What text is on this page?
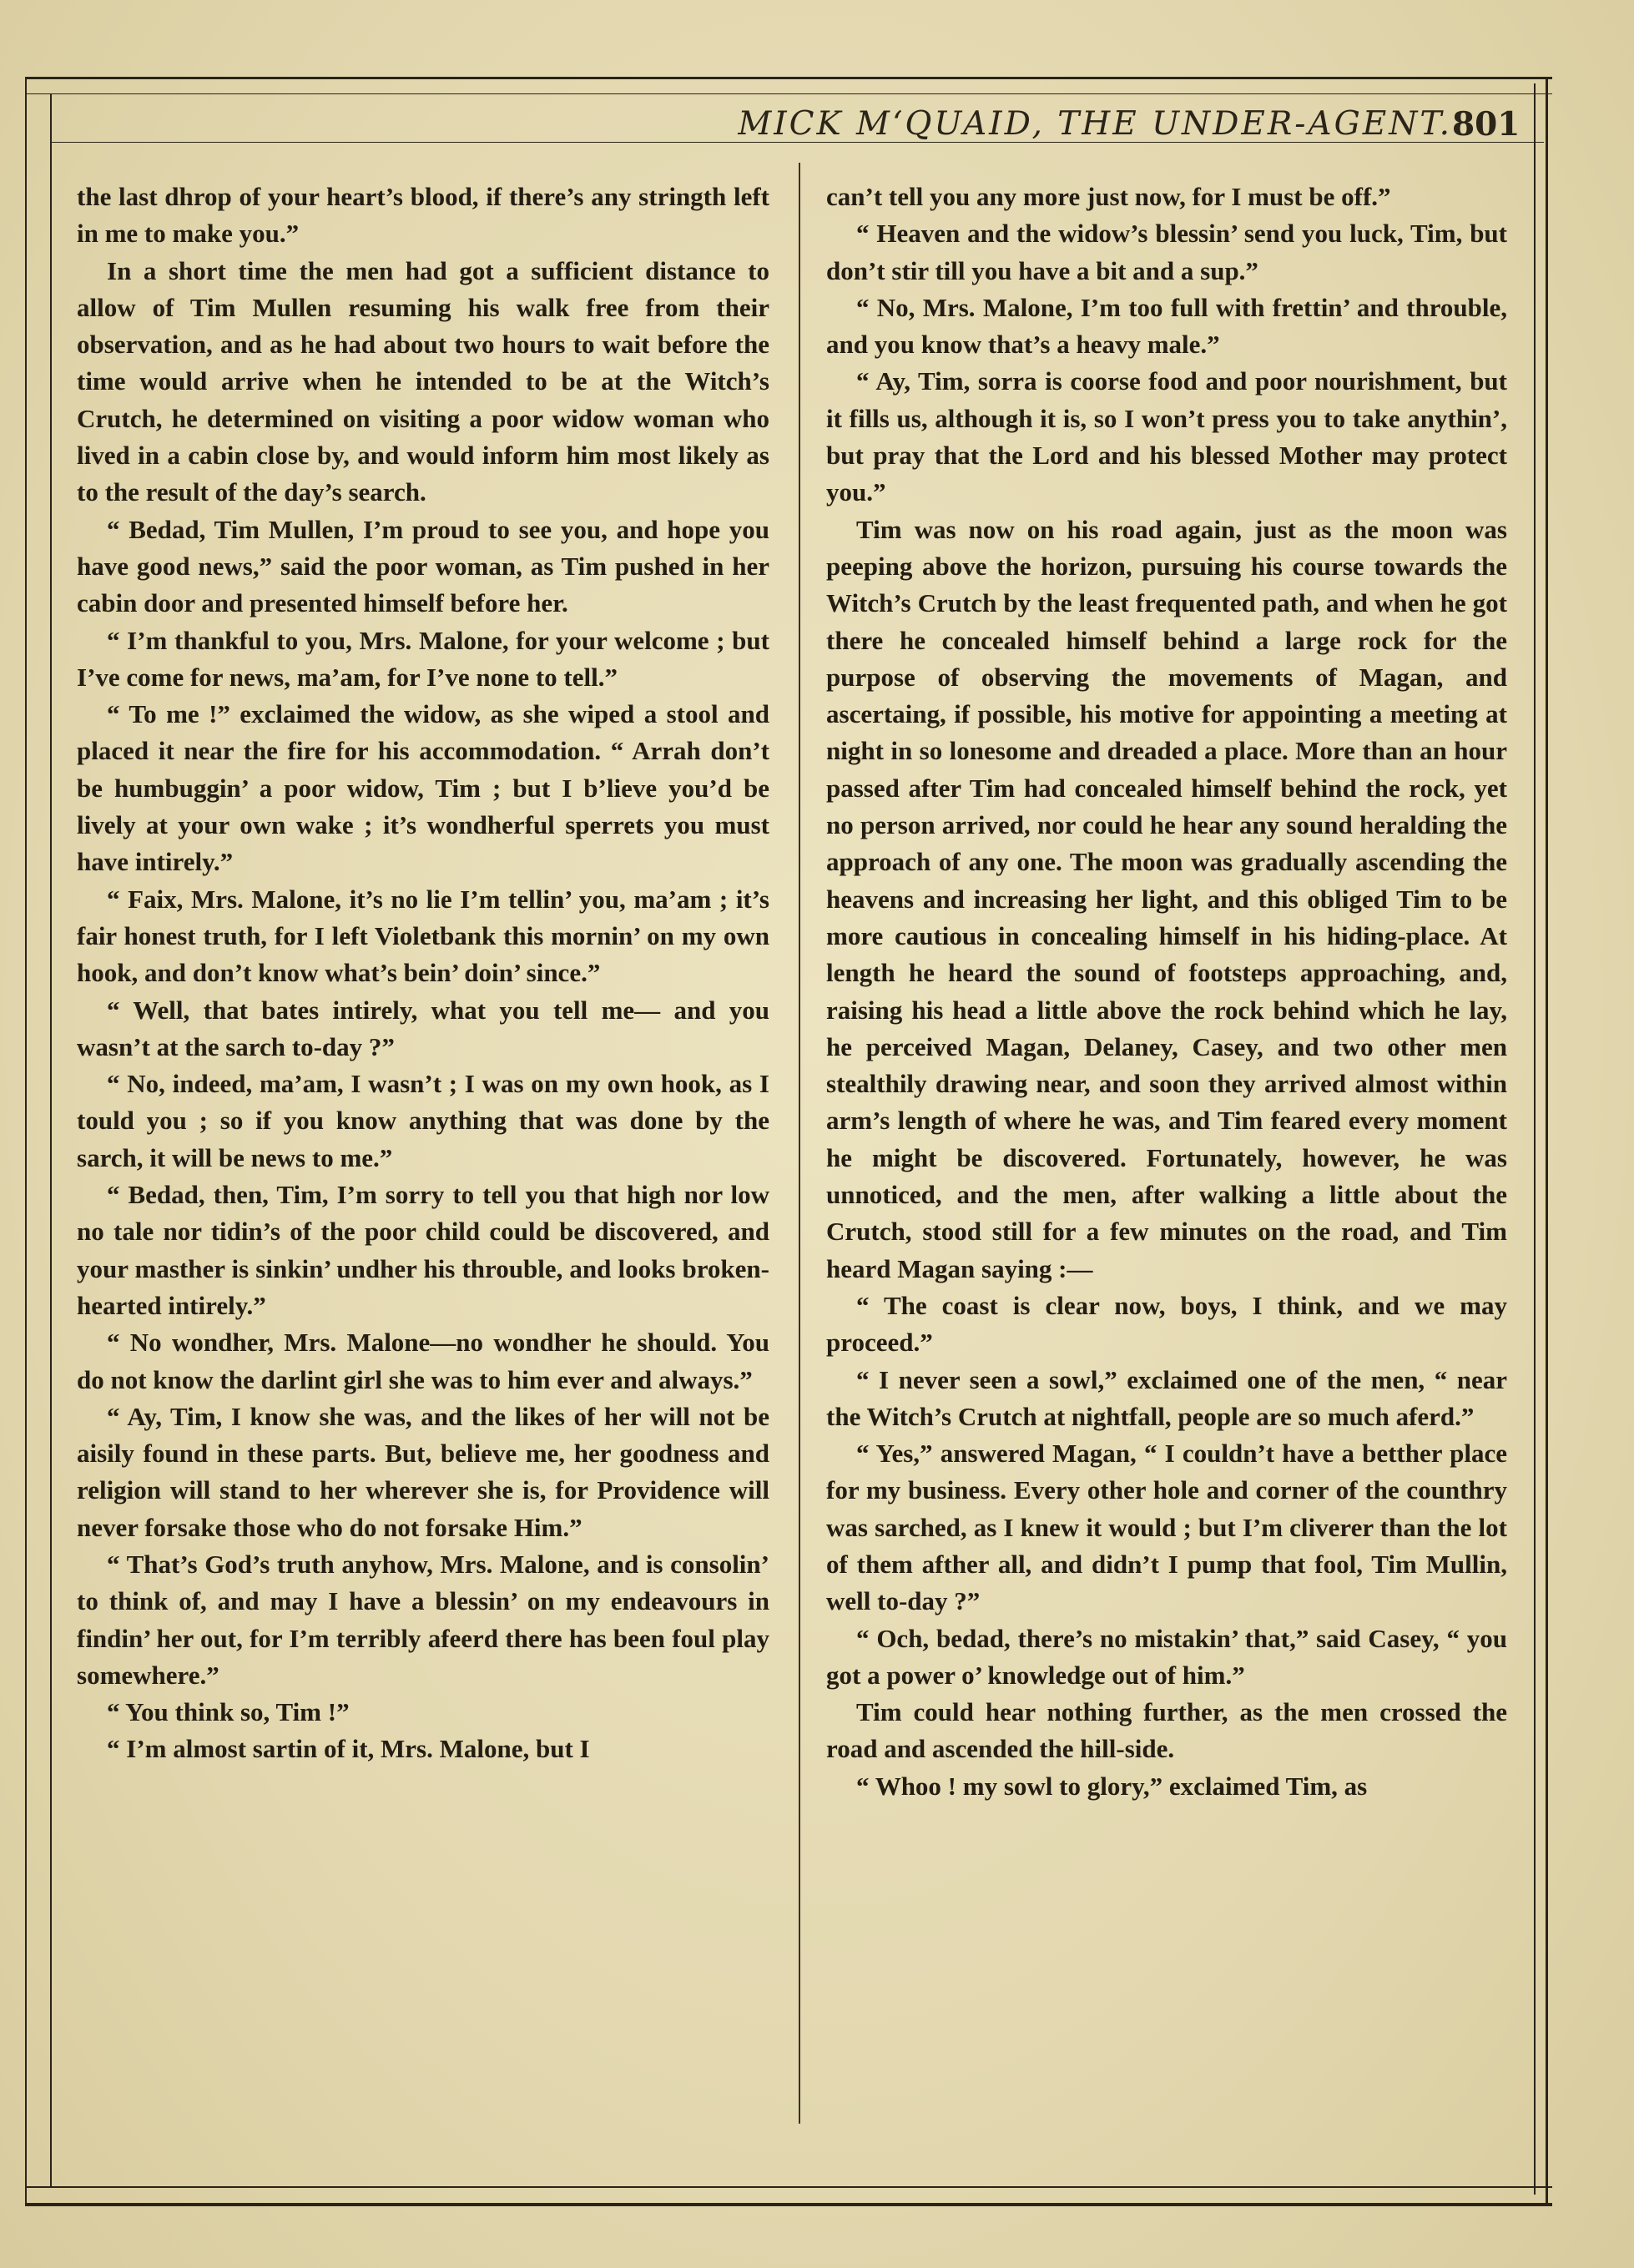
MICK M‘QUAID, THE UNDER-AGENT. 801

the last dhrop of your heart’s blood, if there’s any stringth left in me to make you.”

In a short time the men had got a sufficient distance to allow of Tim Mullen resuming his walk free from their observation, and as he had about two hours to wait before the time would arrive when he intended to be at the Witch’s Crutch, he determined on visiting a poor widow woman who lived in a cabin close by, and would inform him most likely as to the result of the day’s search.

“ Bedad, Tim Mullen, I’m proud to see you, and hope you have good news,” said the poor woman, as Tim pushed in her cabin door and presented himself before her.

“ I’m thankful to you, Mrs. Malone, for your welcome ; but I’ve come for news, ma’am, for I’ve none to tell.”

“ To me !” exclaimed the widow, as she wiped a stool and placed it near the fire for his accommodation. “ Arrah don’t be humbuggin’ a poor widow, Tim ; but I b’lieve you’d be lively at your own wake ; it’s wondherful sperrets you must have intirely.”

“ Faix, Mrs. Malone, it’s no lie I’m tellin’ you, ma’am ; it’s fair honest truth, for I left Violetbank this mornin’ on my own hook, and don’t know what’s bein’ doin’ since.”

“ Well, that bates intirely, what you tell me— and you wasn’t at the sarch to-day ?”

“ No, indeed, ma’am, I wasn’t ; I was on my own hook, as I tould you ; so if you know anything that was done by the sarch, it will be news to me.”

“ Bedad, then, Tim, I’m sorry to tell you that high nor low no tale nor tidin’s of the poor child could be discovered, and your masther is sinkin’ undher his throuble, and looks broken-hearted intirely.”

“ No wondher, Mrs. Malone—no wondher he should. You do not know the darlint girl she was to him ever and always.”

“ Ay, Tim, I know she was, and the likes of her will not be aisily found in these parts. But, believe me, her goodness and religion will stand to her wherever she is, for Providence will never forsake those who do not forsake Him.”

“ That’s God’s truth anyhow, Mrs. Malone, and is consolin’ to think of, and may I have a blessin’ on my endeavours in findin’ her out, for I’m terribly afeerd there has been foul play somewhere.”

“ You think so, Tim !”

“ I’m almost sartin of it, Mrs. Malone, but I

can’t tell you any more just now, for I must be off.”

“ Heaven and the widow’s blessin’ send you luck, Tim, but don’t stir till you have a bit and a sup.”

“ No, Mrs. Malone, I’m too full with frettin’ and throuble, and you know that’s a heavy male.”

“ Ay, Tim, sorra is coorse food and poor nourishment, but it fills us, although it is, so I won’t press you to take anythin’, but pray that the Lord and his blessed Mother may protect you.”

Tim was now on his road again, just as the moon was peeping above the horizon, pursuing his course towards the Witch’s Crutch by the least frequented path, and when he got there he concealed himself behind a large rock for the purpose of observing the movements of Magan, and ascertaing, if possible, his motive for appointing a meeting at night in so lonesome and dreaded a place. More than an hour passed after Tim had concealed himself behind the rock, yet no person arrived, nor could he hear any sound heralding the approach of any one. The moon was gradually ascending the heavens and increasing her light, and this obliged Tim to be more cautious in concealing himself in his hiding-place. At length he heard the sound of footsteps approaching, and, raising his head a little above the rock behind which he lay, he perceived Magan, Delaney, Casey, and two other men stealthily drawing near, and soon they arrived almost within arm’s length of where he was, and Tim feared every moment he might be discovered. Fortunately, however, he was unnoticed, and the men, after walking a little about the Crutch, stood still for a few minutes on the road, and Tim heard Magan saying :—

“ The coast is clear now, boys, I think, and we may proceed.”

“ I never seen a sowl,” exclaimed one of the men, “ near the Witch’s Crutch at nightfall, people are so much aferd.”

“ Yes,” answered Magan, “ I couldn’t have a betther place for my business. Every other hole and corner of the counthry was sarched, as I knew it would ; but I’m cliverer than the lot of them afther all, and didn’t I pump that fool, Tim Mullin, well to-day ?”

“ Och, bedad, there’s no mistakin’ that,” said Casey, “ you got a power o’ knowledge out of him.”

Tim could hear nothing further, as the men crossed the road and ascended the hill-side.

“ Whoo ! my sowl to glory,” exclaimed Tim, as
